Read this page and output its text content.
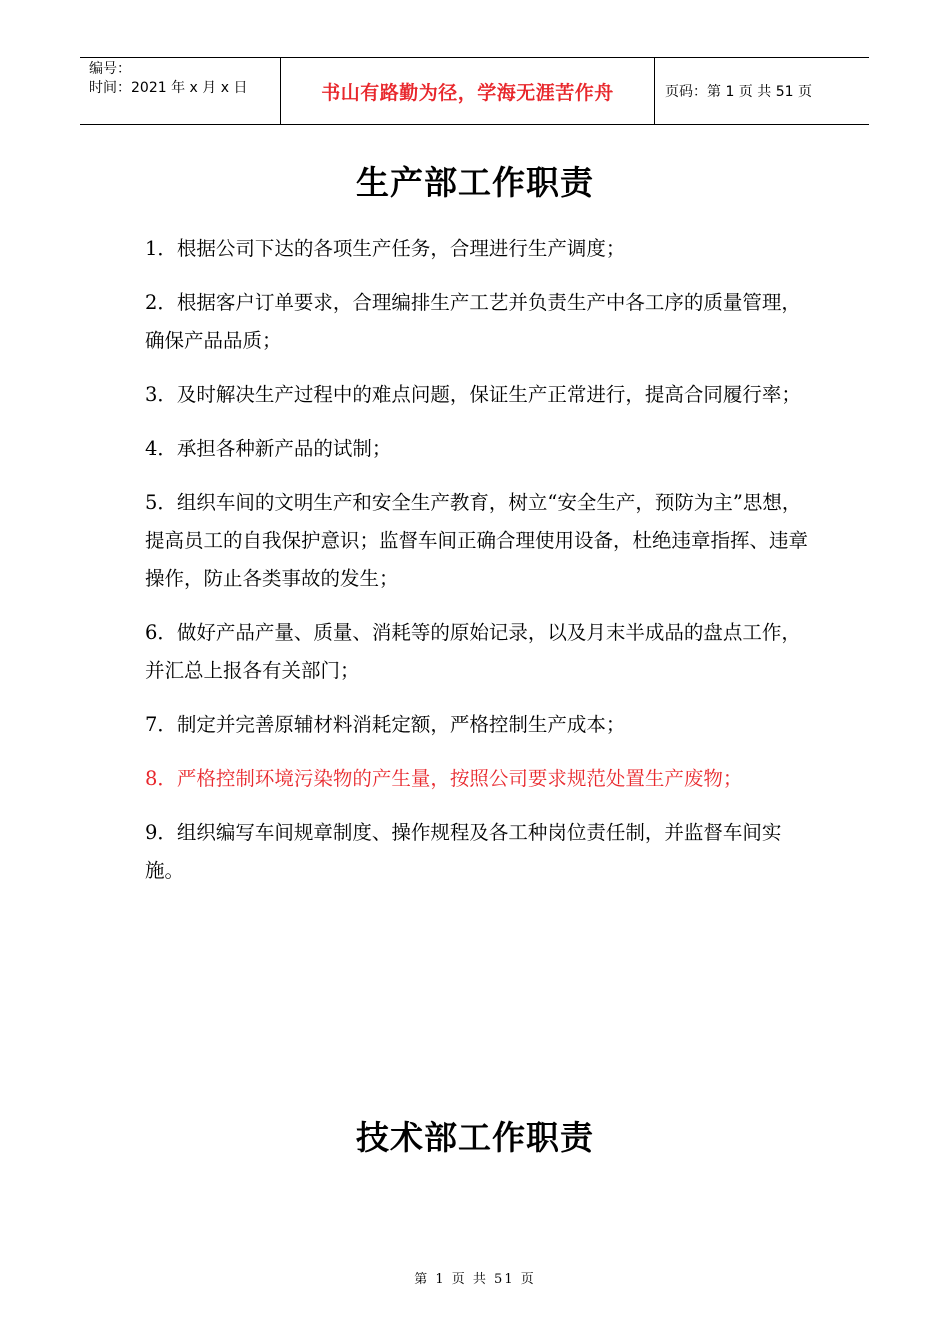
编号：
时间：2021 年 x 月 x 日	书山有路勤为径，学海无涯苦作舟	页码：第 1 页 共 51 页
生产部工作职责
1．根据公司下达的各项生产任务，合理进行生产调度；
2．根据客户订单要求，合理编排生产工艺并负责生产中各工序的质量管理，确保产品品质；
3．及时解决生产过程中的难点问题，保证生产正常进行，提高合同履行率；
4．承担各种新产品的试制；
5．组织车间的文明生产和安全生产教育，树立“安全生产，预防为主”思想，提高员工的自我保护意识；监督车间正确合理使用设备，杜绝违章指挥、违章操作，防止各类事故的发生；
6．做好产品产量、质量、消耗等的原始记录，以及月末半成品的盘点工作，并汇总上报各有关部门；
7．制定并完善原辅材料消耗定额，严格控制生产成本；
8．严格控制环境污染物的产生量，按照公司要求规范处置生产废物；
9．组织编写车间规章制度、操作规程及各工种岗位责任制，并监督车间实施。
技术部工作职责
第 1 页 共 51 页
